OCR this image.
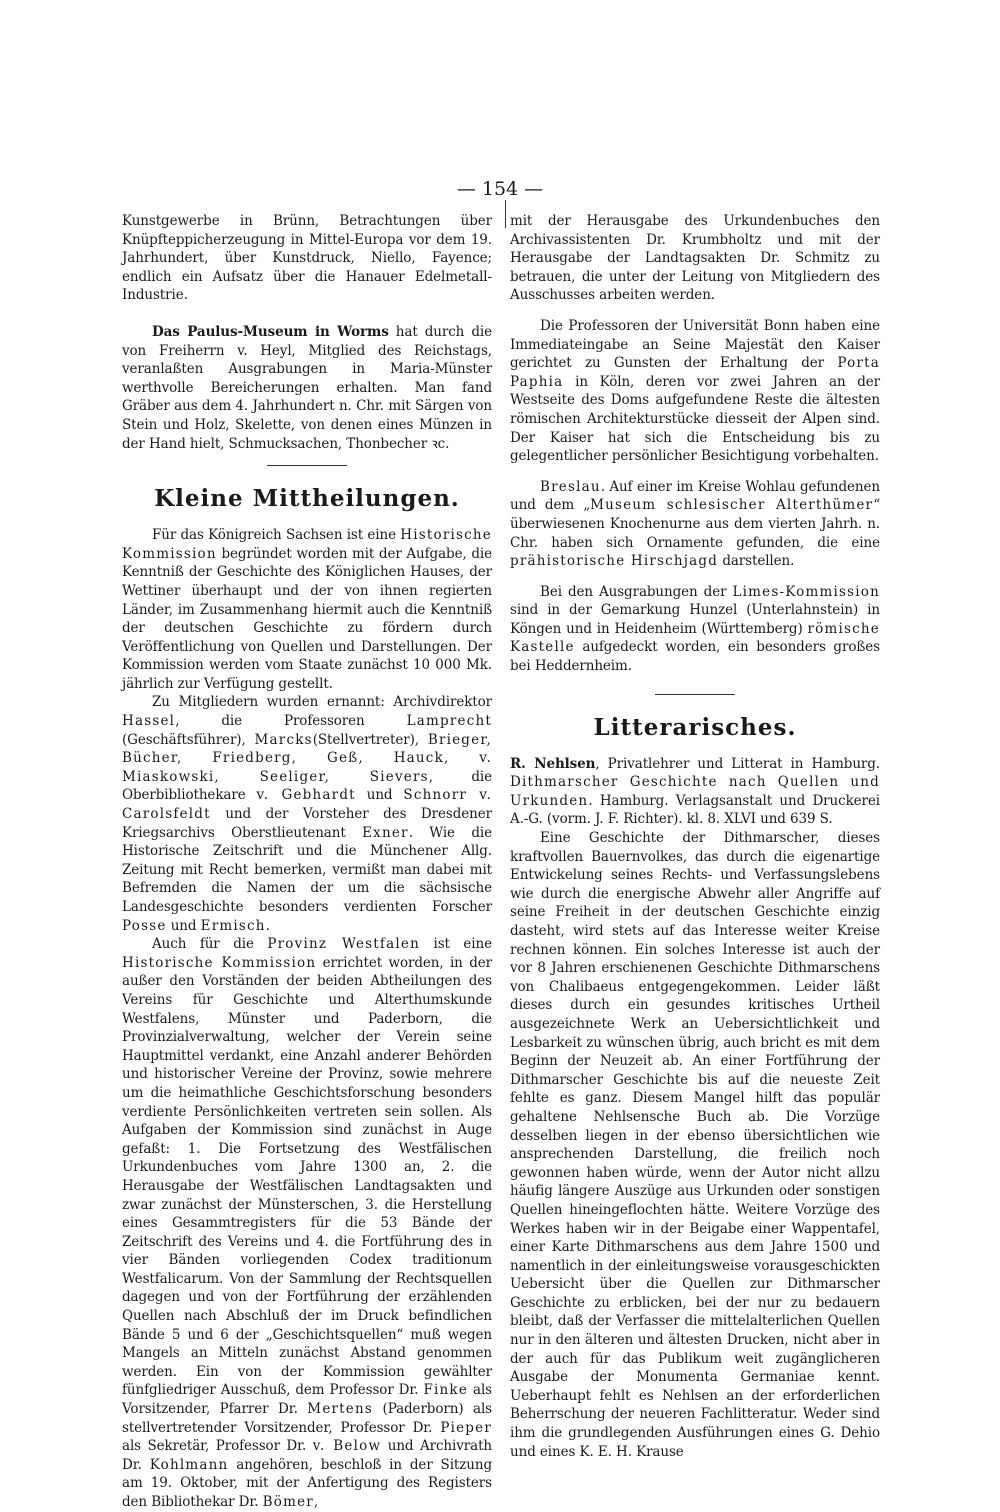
— 154 —

Kunstgewerbe in Brünn, Betrachtungen über Knüpfteppicherzeugung in Mittel-Europa vor dem 19. Jahrhundert, über Kunstdruck, Niello, Fayence; endlich ein Aufsatz über die Hanauer Edelmetall-Industrie.

Das Paulus-Museum in Worms hat durch die von Freiherrn v. Heyl, Mitglied des Reichstags, veranlaßten Ausgrabungen in Maria-Münster werthvolle Bereicherungen erhalten. Man fand Gräber aus dem 4. Jahrhundert n. Chr. mit Särgen von Stein und Holz, Skelette, von denen eines Münzen in der Hand hielt, Schmucksachen, Thonbecher ꝛc.

Kleine Mittheilungen.

Für das Königreich Sachsen ist eine Historische Kommission begründet worden mit der Aufgabe, die Kenntniß der Geschichte des Königlichen Hauses, der Wettiner überhaupt und der von ihnen regierten Länder, im Zusammenhang hiermit auch die Kenntniß der deutschen Geschichte zu fördern durch Veröffentlichung von Quellen und Darstellungen. Der Kommission werden vom Staate zunächst 10 000 Mk. jährlich zur Verfügung gestellt.

Zu Mitgliedern wurden ernannt: Archivdirektor Hassel, die Professoren Lamprecht (Geschäftsführer), Marcks(Stellvertreter), Brieger, Bücher, Friedberg, Geß, Hauck, v. Miaskowski, Seeliger, Sievers, die Oberbibliothekare v. Gebhardt und Schnorr v. Carolsfeldt und der Vorsteher des Dresdener Kriegsarchivs Oberstlieutenant Exner. Wie die Historische Zeitschrift und die Münchener Allg. Zeitung mit Recht bemerken, vermißt man dabei mit Befremden die Namen der um die sächsische Landesgeschichte besonders verdienten Forscher Posse und Ermisch.

Auch für die Provinz Westfalen ist eine Historische Kommission errichtet worden, in der außer den Vorständen der beiden Abtheilungen des Vereins für Geschichte und Alterthumskunde Westfalens, Münster und Paderborn, die Provinzialverwaltung, welcher der Verein seine Hauptmittel verdankt, eine Anzahl anderer Behörden und historischer Vereine der Provinz, sowie mehrere um die heimathliche Geschichtsforschung besonders verdiente Persönlichkeiten vertreten sein sollen. Als Aufgaben der Kommission sind zunächst in Auge gefaßt: 1. Die Fortsetzung des Westfälischen Urkundenbuches vom Jahre 1300 an, 2. die Herausgabe der Westfälischen Landtagsakten und zwar zunächst der Münsterschen, 3. die Herstellung eines Gesammtregisters für die 53 Bände der Zeitschrift des Vereins und 4. die Fortführung des in vier Bänden vorliegenden Codex traditionum Westfalicarum. Von der Sammlung der Rechtsquellen dagegen und von der Fortführung der erzählenden Quellen nach Abschluß der im Druck befindlichen Bände 5 und 6 der „Geschichtsquellen“ muß wegen Mangels an Mitteln zunächst Abstand genommen werden. Ein von der Kommission gewählter fünfgliedriger Ausschuß, dem Professor Dr. Finke als Vorsitzender, Pfarrer Dr. Mertens (Paderborn) als stellvertretender Vorsitzender, Professor Dr. Pieper als Sekretär, Professor Dr. v. Below und Archivrath Dr. Kohlmann angehören, beschloß in der Sitzung am 19. Oktober, mit der Anfertigung des Registers den Bibliothekar Dr. Bömer,

mit der Herausgabe des Urkundenbuches den Archivassistenten Dr. Krumbholtz und mit der Herausgabe der Landtagsakten Dr. Schmitz zu betrauen, die unter der Leitung von Mitgliedern des Ausschusses arbeiten werden.

Die Professoren der Universität Bonn haben eine Immediateingabe an Seine Majestät den Kaiser gerichtet zu Gunsten der Erhaltung der Porta Paphia in Köln, deren vor zwei Jahren an der Westseite des Doms aufgefundene Reste die ältesten römischen Architekturstücke diesseit der Alpen sind. Der Kaiser hat sich die Entscheidung bis zu gelegentlicher persönlicher Besichtigung vorbehalten.

Breslau. Auf einer im Kreise Wohlau gefundenen und dem „Museum schlesischer Alterthümer“ überwiesenen Knochenurne aus dem vierten Jahrh. n. Chr. haben sich Ornamente gefunden, die eine prähistorische Hirschjagd darstellen.

Bei den Ausgrabungen der Limes-Kommission sind in der Gemarkung Hunzel (Unterlahnstein) in Köngen und in Heidenheim (Württemberg) römische Kastelle aufgedeckt worden, ein besonders großes bei Heddernheim.

Litterarisches.

R. Nehlsen, Privatlehrer und Litterat in Hamburg. Dithmarscher Geschichte nach Quellen und Urkunden. Hamburg. Verlagsanstalt und Druckerei A.-G. (vorm. J. F. Richter). kl. 8. XLVI und 639 S.

Eine Geschichte der Dithmarscher, dieses kraftvollen Bauernvolkes, das durch die eigenartige Entwickelung seines Rechts- und Verfassungslebens wie durch die energische Abwehr aller Angriffe auf seine Freiheit in der deutschen Geschichte einzig dasteht, wird stets auf das Interesse weiter Kreise rechnen können. Ein solches Interesse ist auch der vor 8 Jahren erschienenen Geschichte Dithmarschens von Chalibaeus entgegengekommen. Leider läßt dieses durch ein gesundes kritisches Urtheil ausgezeichnete Werk an Uebersichtlichkeit und Lesbarkeit zu wünschen übrig, auch bricht es mit dem Beginn der Neuzeit ab. An einer Fortführung der Dithmarscher Geschichte bis auf die neueste Zeit fehlte es ganz. Diesem Mangel hilft das populär gehaltene Nehlsensche Buch ab. Die Vorzüge desselben liegen in der ebenso übersichtlichen wie ansprechenden Darstellung, die freilich noch gewonnen haben würde, wenn der Autor nicht allzu häufig längere Auszüge aus Urkunden oder sonstigen Quellen hineingeflochten hätte. Weitere Vorzüge des Werkes haben wir in der Beigabe einer Wappentafel, einer Karte Dithmarschens aus dem Jahre 1500 und namentlich in der einleitungsweise vorausgeschickten Uebersicht über die Quellen zur Dithmarscher Geschichte zu erblicken, bei der nur zu bedauern bleibt, daß der Verfasser die mittelalterlichen Quellen nur in den älteren und ältesten Drucken, nicht aber in der auch für das Publikum weit zugänglicheren Ausgabe der Monumenta Germaniae kennt. Ueberhaupt fehlt es Nehlsen an der erforderlichen Beherrschung der neueren Fachlitteratur. Weder sind ihm die grundlegenden Ausführungen eines G. Dehio und eines K. E. H. Krause
